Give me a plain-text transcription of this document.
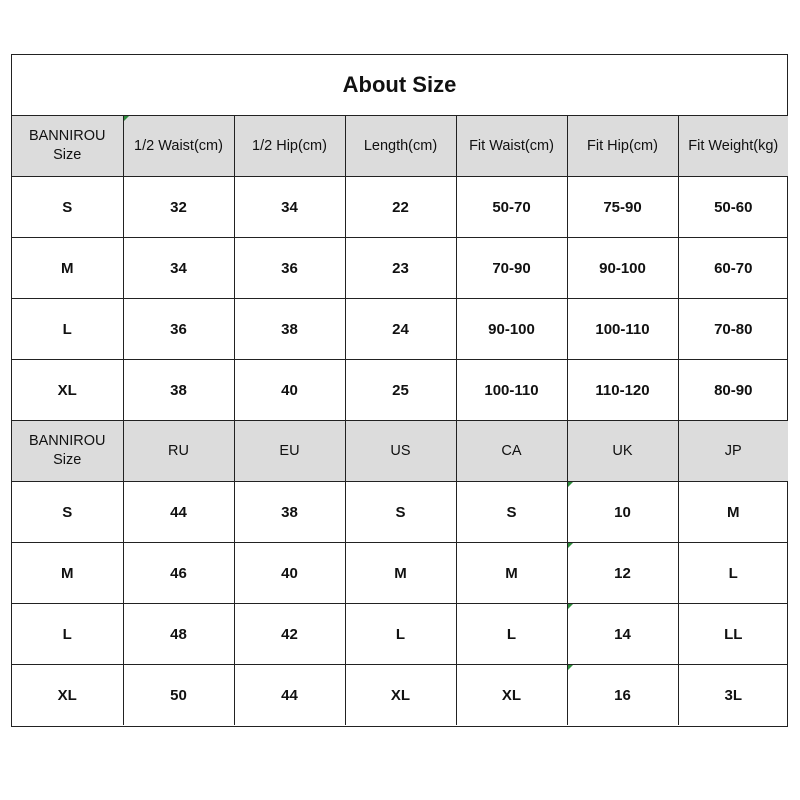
About Size
BANNIROU
Size	1/2 Waist(cm)	1/2 Hip(cm)	Length(cm)	Fit Waist(cm)	Fit Hip(cm)	Fit Weight(kg)
S	32	34	22	50-70	75-90	50-60
M	34	36	23	70-90	90-100	60-70
L	36	38	24	90-100	100-110	70-80
XL	38	40	25	100-110	110-120	80-90
BANNIROU
Size	RU	EU	US	CA	UK	JP
S	44	38	S	S	10	M
M	46	40	M	M	12	L
L	48	42	L	L	14	LL
XL	50	44	XL	XL	16	3L
